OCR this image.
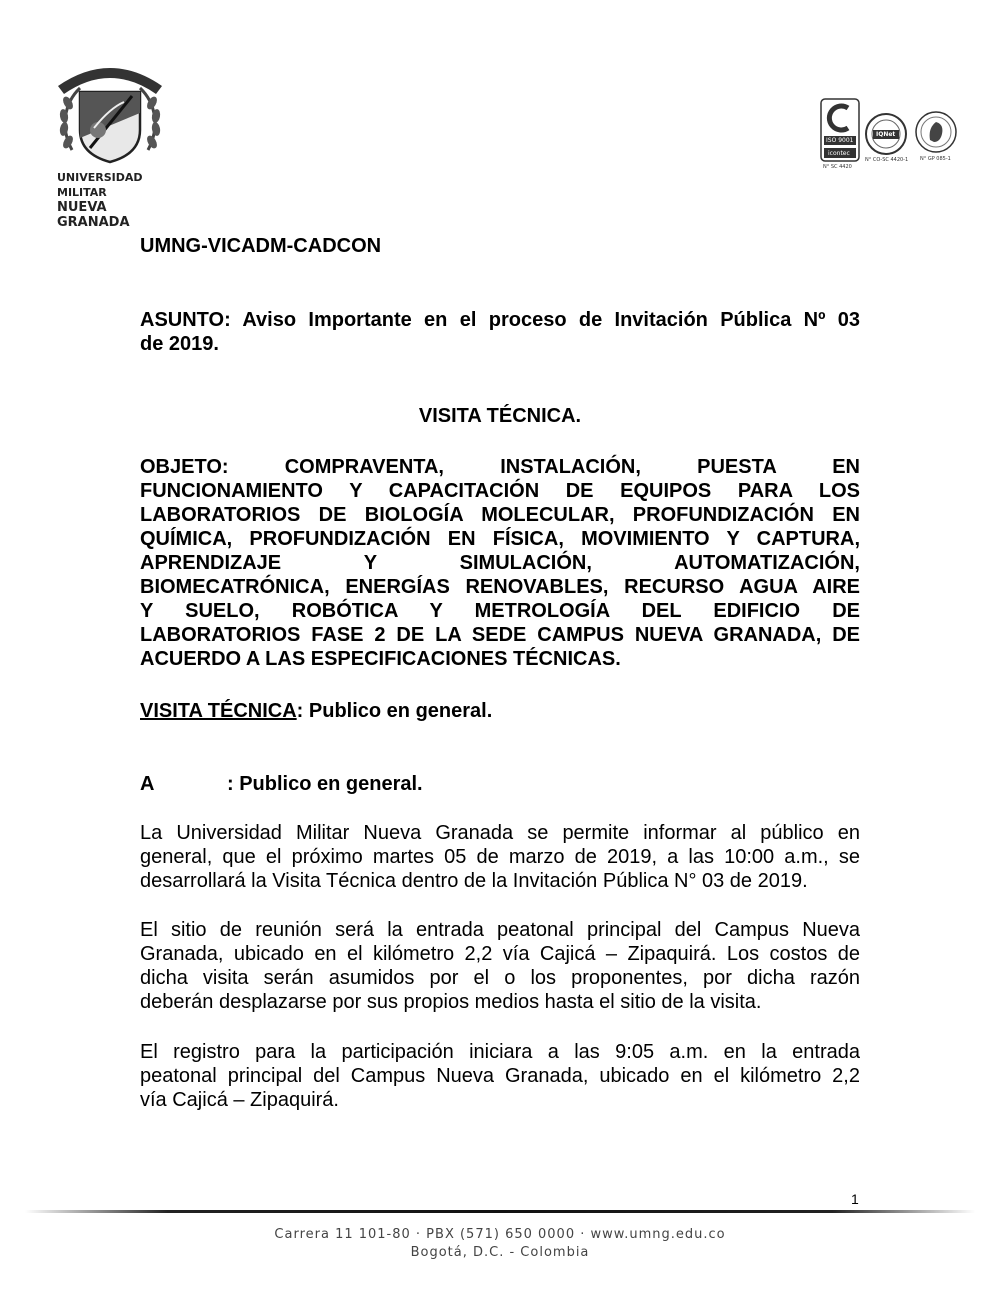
UNIVERSIDAD MILITAR
NUEVA GRANADA
ISO 9001
icontec
N° SC 4420
IQNet
N° CO-SC 4420-1 N° GP 085-1
UMNG-VICADM-CADCON
ASUNTO: Aviso Importante en el proceso de Invitación Pública Nº 03
de 2019.
VISITA TÉCNICA.
OBJETO: COMPRAVENTA, INSTALACIÓN, PUESTA EN
FUNCIONAMIENTO Y CAPACITACIÓN DE EQUIPOS PARA LOS
LABORATORIOS DE BIOLOGÍA MOLECULAR, PROFUNDIZACIÓN EN
QUÍMICA, PROFUNDIZACIÓN EN FÍSICA, MOVIMIENTO Y CAPTURA,
APRENDIZAJE Y SIMULACIÓN, AUTOMATIZACIÓN,
BIOMECATRÓNICA, ENERGÍAS RENOVABLES, RECURSO AGUA AIRE
Y SUELO, ROBÓTICA Y METROLOGÍA DEL EDIFICIO DE
LABORATORIOS FASE 2 DE LA SEDE CAMPUS NUEVA GRANADA, DE
ACUERDO A LAS ESPECIFICACIONES TÉCNICAS.
VISITA TÉCNICA: Publico en general.
A	: Publico en general.
La Universidad Militar Nueva Granada se permite informar al público en
general, que el próximo martes 05 de marzo de 2019, a las 10:00 a.m., se
desarrollará la Visita Técnica dentro de la Invitación Pública N° 03 de 2019.
El sitio de reunión será la entrada peatonal principal del Campus Nueva
Granada, ubicado en el kilómetro 2,2 vía Cajicá – Zipaquirá. Los costos de
dicha visita serán asumidos por el o los proponentes, por dicha razón
deberán desplazarse por sus propios medios hasta el sitio de la visita.
El registro para la participación iniciara a las 9:05 a.m. en la entrada
peatonal principal del Campus Nueva Granada, ubicado en el kilómetro 2,2
vía Cajicá – Zipaquirá.
1
Carrera 11 101-80 · PBX (571) 650 0000 · www.umng.edu.co
Bogotá, D.C. - Colombia
